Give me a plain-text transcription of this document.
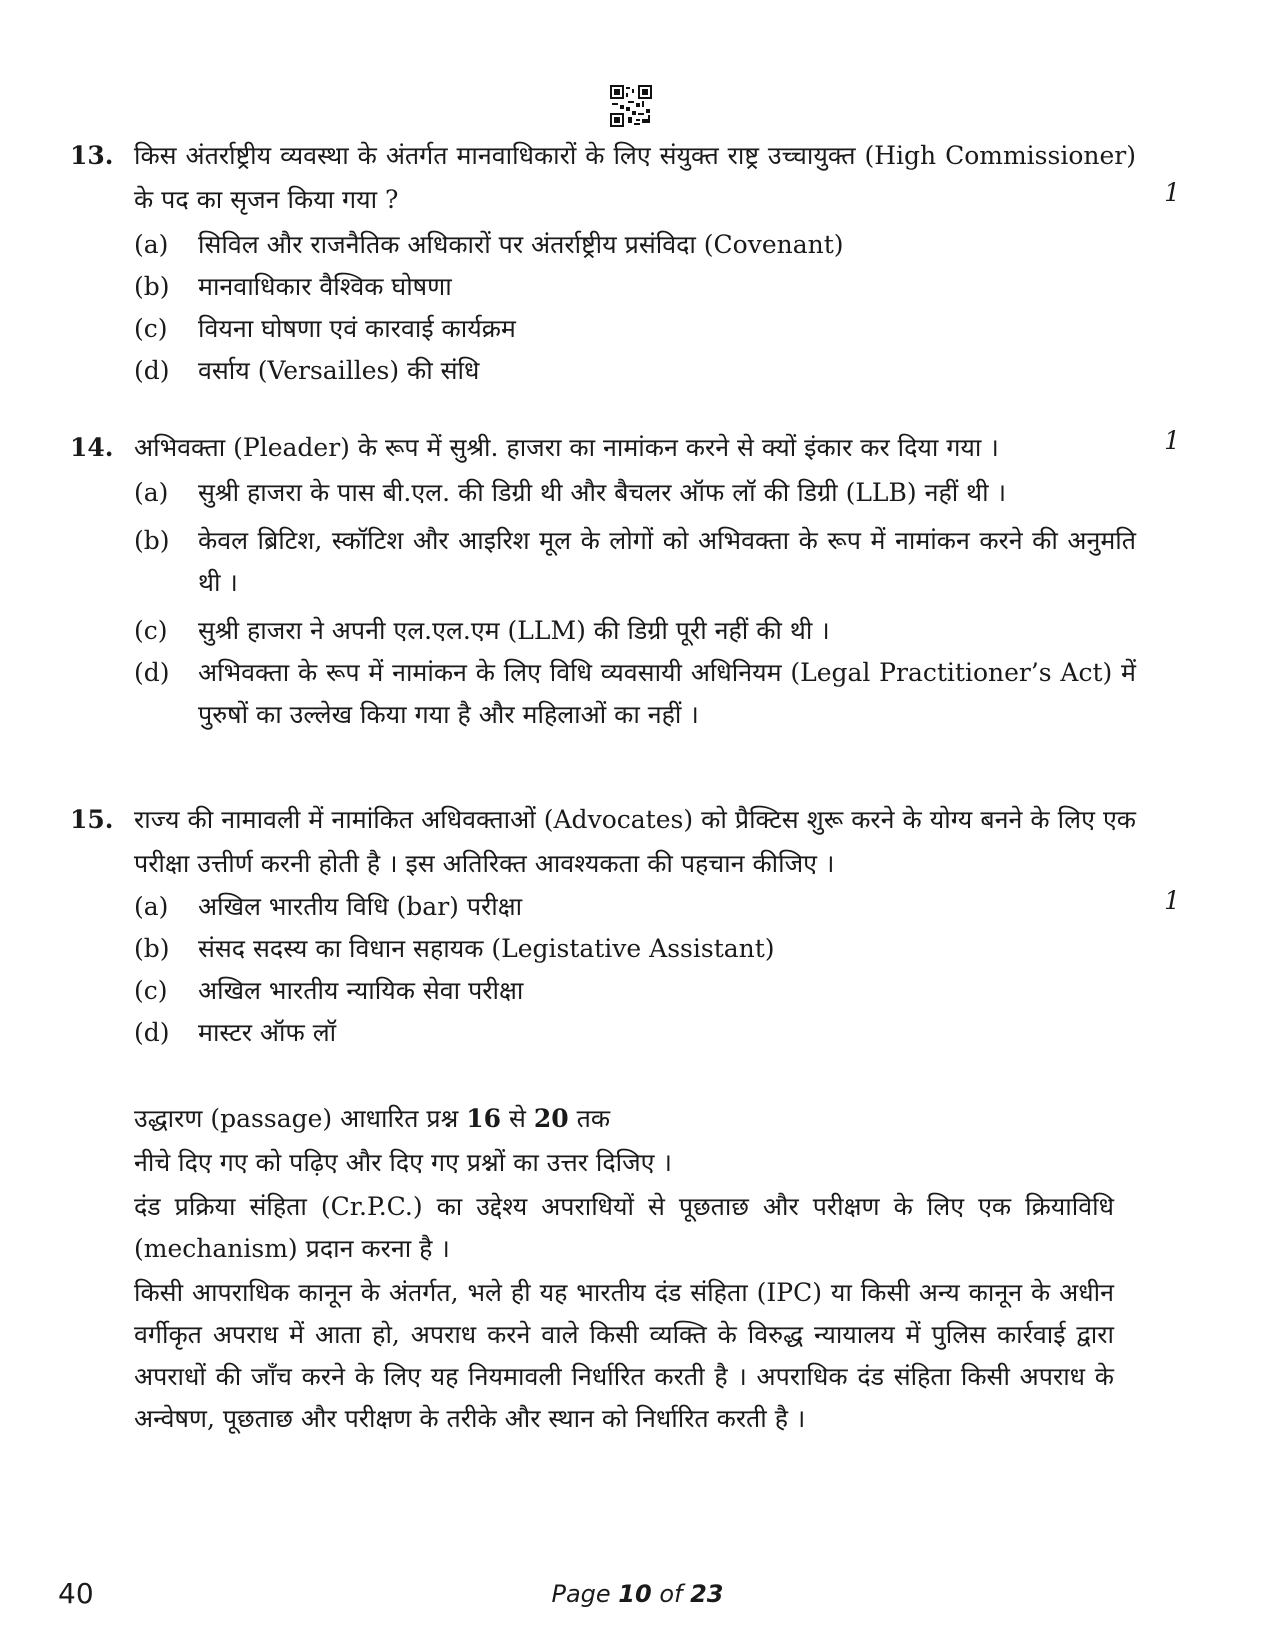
13. किस अंतर्राष्ट्रीय व्यवस्था के अंतर्गत मानवाधिकारों के लिए संयुक्त राष्ट्र उच्चायुक्त (High Commissioner) के पद का सृजन किया गया ?	1
(a)	सिविल और राजनैतिक अधिकारों पर अंतर्राष्ट्रीय प्रसंविदा (Covenant)
(b)	मानवाधिकार वैश्विक घोषणा
(c)	वियना घोषणा एवं कारवाई कार्यक्रम
(d)	वर्साय (Versailles) की संधि
14. अभिवक्ता (Pleader) के रूप में सुश्री. हाजरा का नामांकन करने से क्यों इंकार कर दिया गया ।	1
(a)	सुश्री हाजरा के पास बी.एल. की डिग्री थी और बैचलर ऑफ लॉ की डिग्री (LLB) नहीं थी ।
(b)	केवल ब्रिटिश, स्कॉटिश और आइरिश मूल के लोगों को अभिवक्ता के रूप में नामांकन करने की अनुमति थी ।
(c)	सुश्री हाजरा ने अपनी एल.एल.एम (LLM) की डिग्री पूरी नहीं की थी ।
(d)	अभिवक्ता के रूप में नामांकन के लिए विधि व्यवसायी अधिनियम (Legal Practitioner’s Act) में पुरुषों का उल्लेख किया गया है और महिलाओं का नहीं ।
15. राज्य की नामावली में नामांकित अधिवक्ताओं (Advocates) को प्रैक्टिस शुरू करने के योग्य बनने के लिए एक परीक्षा उत्तीर्ण करनी होती है । इस अतिरिक्त आवश्यकता की पहचान कीजिए ।
1
(a)	अखिल भारतीय विधि (bar) परीक्षा
(b)	संसद सदस्य का विधान सहायक (Legistative Assistant)
(c)	अखिल भारतीय न्यायिक सेवा परीक्षा
(d)	मास्टर ऑफ लॉ

उद्धारण (passage) आधारित प्रश्न 16 से 20 तक

नीचे दिए गए को पढ़िए और दिए गए प्रश्नों का उत्तर दिजिए ।

दंड प्रक्रिया संहिता (Cr.P.C.) का उद्देश्य अपराधियों से पूछताछ और परीक्षण के लिए एक क्रियाविधि (mechanism) प्रदान करना है ।

किसी आपराधिक कानून के अंतर्गत, भले ही यह भारतीय दंड संहिता (IPC) या किसी अन्य कानून के अधीन वर्गीकृत अपराध में आता हो, अपराध करने वाले किसी व्यक्ति के विरुद्ध न्यायालय में पुलिस कार्रवाई द्वारा अपराधों की जाँच करने के लिए यह नियमावली निर्धारित करती है । अपराधिक दंड संहिता किसी अपराध के अन्वेषण, पूछताछ और परीक्षण के तरीके और स्थान को निर्धारित करती है ।

40	Page 10 of 23
